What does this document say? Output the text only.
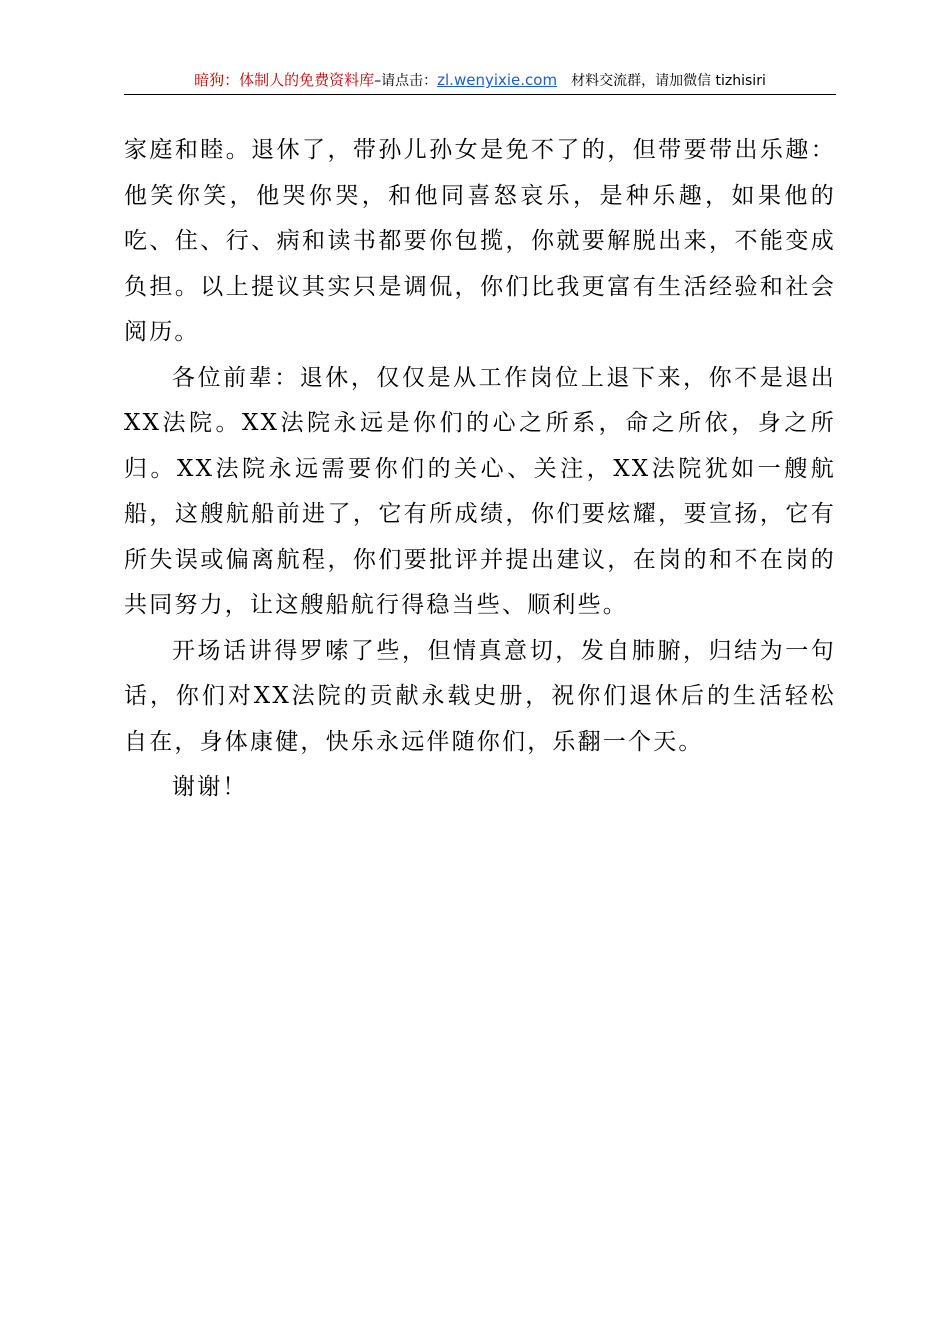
暗狗：体制人的免费资料库–请点击：zl.wenyixie.com 材料交流群，请加微信 tizhisiri

家庭和睦。退休了，带孙儿孙女是免不了的，但带要带出乐趣：他笑你笑，他哭你哭，和他同喜怒哀乐，是种乐趣，如果他的吃、住、行、病和读书都要你包揽，你就要解脱出来，不能变成负担。以上提议其实只是调侃，你们比我更富有生活经验和社会阅历。

各位前辈：退休，仅仅是从工作岗位上退下来，你不是退出XX法院。XX法院永远是你们的心之所系，命之所依，身之所归。XX法院永远需要你们的关心、关注，XX法院犹如一艘航船，这艘航船前进了，它有所成绩，你们要炫耀，要宣扬，它有所失误或偏离航程，你们要批评并提出建议，在岗的和不在岗的共同努力，让这艘船航行得稳当些、顺利些。

开场话讲得罗嗦了些，但情真意切，发自肺腑，归结为一句话，你们对XX法院的贡献永载史册，祝你们退休后的生活轻松自在，身体康健，快乐永远伴随你们，乐翻一个天。

谢谢！
